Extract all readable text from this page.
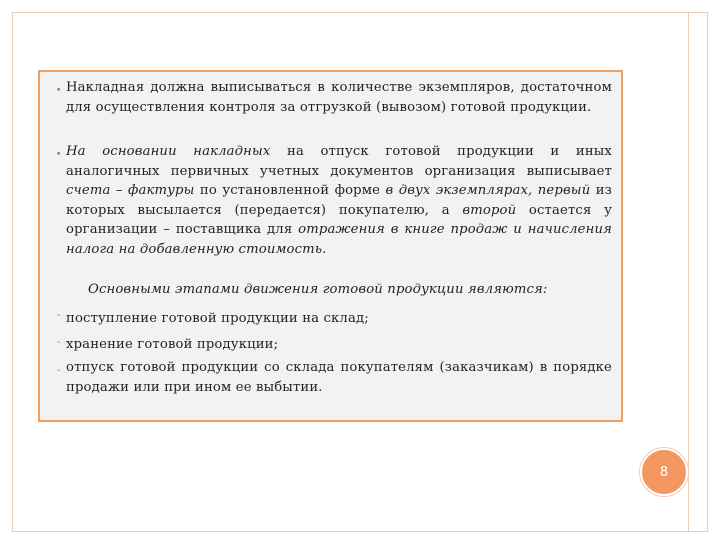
• Накладная должна выписываться в количестве экземпляров, достаточном для осуществления контроля за отгрузкой (вывозом) готовой продукции.
• На основании накладных на отпуск готовой продукции и иных аналогичных первичных учетных документов организация выписывает счета – фактуры по установленной форме в двух экземплярах, первый из которых высылается (передается) покупателю, а второй остается у организации – поставщика для отражения в книге продаж и начисления налога на добавленную стоимость.
Основными этапами движения готовой продукции являются:
- поступление готовой продукции на склад;
- хранение готовой продукции;
- отпуск готовой продукции со склада покупателям (заказчикам) в порядке продажи или при ином ее выбытии.
8
